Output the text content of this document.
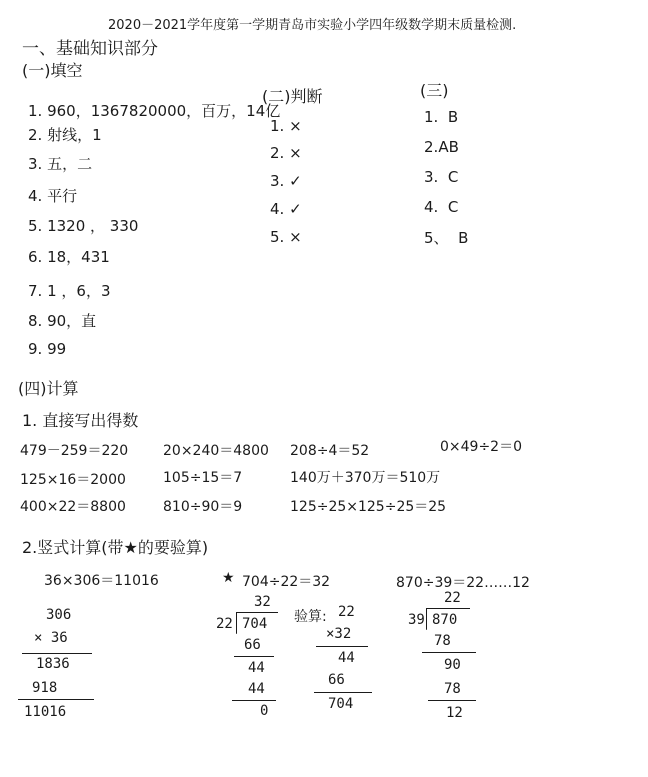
2020－2021学年度第一学期青岛市实验小学四年级数学期末质量检测.
一、基础知识部分
(一)填空
1. 960，1367820000，百万，14亿
2. 射线，1
3. 五，二
4. 平行
5. 1320 ， 330
6. 18，431
7. 1 ，6，3
8. 90，直
9. 99
(二)判断
1. ×
2. ×
3. ✓
4. ✓
5. ×
(三)
1. B
2.AB
3. C
4. C
5、 B
(四)计算
1. 直接写出得数
479－259＝220 20×240＝4800 208÷4＝52	0×49÷2＝0
125×16＝2000	105÷15＝7	140万＋370万＝510万
400×22＝8800	810÷90＝9	125÷25×125÷25＝25
2.竖式计算(带★的要验算)
36×306＝11016
306
× 36
1836
918
11016
★ 704÷22＝32
32
22 704
66
44
44
0
验算: 22
×32
44
66
704
870÷39＝22……12
22
39 870
78
90
78
12
